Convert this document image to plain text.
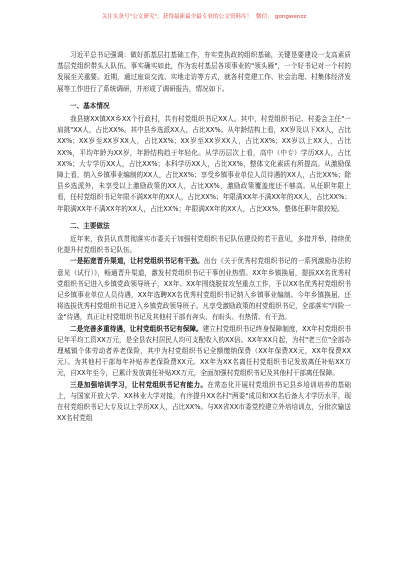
关注头条号"公文研究"，获得最新最全最专业的公文资料库！ 微信： gongwenzz

习近平总书记强调：做好抓基层打基础工作，夯实党执政的组织基础，关键是要建设一支高素质基层党组织带头人队伍。事实确实如此，作为农村基层各项事业的"领头雁"，一个好书记对一个村的发展至关重要。近期，通过座谈交流、实地走访等方式，就各村党建工作、社会治理、村集体经济发展等工作进行了系统调研，并形成了调研报告，情况如下。

一、基本情况

我县辖XX镇XX乡XX个行政村，共有村党组织书记XX人。其中，村党组织书记、村委会主任"一肩挑"XX人，占比XX%。其中县乡选派XX人，占比XX%。从年龄结构上看，XX岁及以下XX人，占比XX%；XX岁至XX岁XX人，占比XX%；XX岁至XX岁XX人，占比XX%；XX岁以上XX人，占比XX%，平均年龄为XX岁，年龄结构趋于年轻化。从学历层次上看，高中（中专）学历XX人，占比XX%；大专学历XX人，占比XX%；本科学历XX人，占比XX%，整体文化素质有所提高。从激励保障上看，纳入乡镇事业编制的XX人，占比XX%；享受乡镇事业单位人员待遇的XX人，占比XX%；除县乡选派外，未享受以上激励政策的XX人，占比XX%，激励政策覆盖度还不够高。从任职年限上看，任村党组织书记年限不满XX年的XX人，占比XX%；年限满XX年不满XX年的XX人，占比XX%；年限满XX年不满XX年的XX人，占比XX%；年限满XX年的XX人，占比XX%，整体任职年限较短。

二、主要做法

近年来，我县认真贯彻落实市委关于加强村党组织书记队伍建设的若干意见，多措并举，持续优化提升村党组织书记队伍。

一是拓宽晋升渠道，让村党组织书记有干劲。出台《关于优秀村党组织书记的一系列激励办法的意见（试行）》，畅通晋升渠道，激发村党组织书记干事创业热情。XX年乡镇换届，提拔XX名优秀村党组织书记进入乡镇党政领导班子，XX年、XX年围绕脱贫攻坚重点工作，予以XX名优秀村党组织书记乡镇事业单位人员待遇，XX年选聘XX名优秀村党组织书记纳入乡镇事业编制。今年乡镇换届，还将选拔优秀村党组织书记进入乡镇党政领导班子。凡享受激励政策的村党组织书记，全部落实"四险一金"待遇，真正让村党组织书记及其他村干部有奔头、有盼头、有热情、有干劲。

二是完善多重待遇，让村党组织书记有保障。建立村党组织书记终身保障制度，XX年村党组织书记年平均工资XX万元，是全县农村居民人均可支配收入的XX倍。XX年XX月起，为村"老三位"全部办理城镇个体劳动者养老保险，其中为村党组织书记全额缴纳保费（XX年保费XX元，XX年保费XX元）。为其他村干部每年补贴养老保险费XX元。XX年为XX名离任村党组织书记发放离任补贴XX万元，自XX年至今，已累计发放离任补贴XX万元，全面加强村党组织书记及其他村干部离任保障。

三是加强培训学习，让村党组织书记有能力。在常态化开展村党组织书记县乡培训培养的基础上，与国家开放大学、XX林业大学对接，有序提升XX名村"两委"成员和XX名后备人才学历水平，现在村党组织书记大专及以上学历XX人，占比XX%。与XX省XX市委党校建立外培培训点，分批次输送XX名村党组
